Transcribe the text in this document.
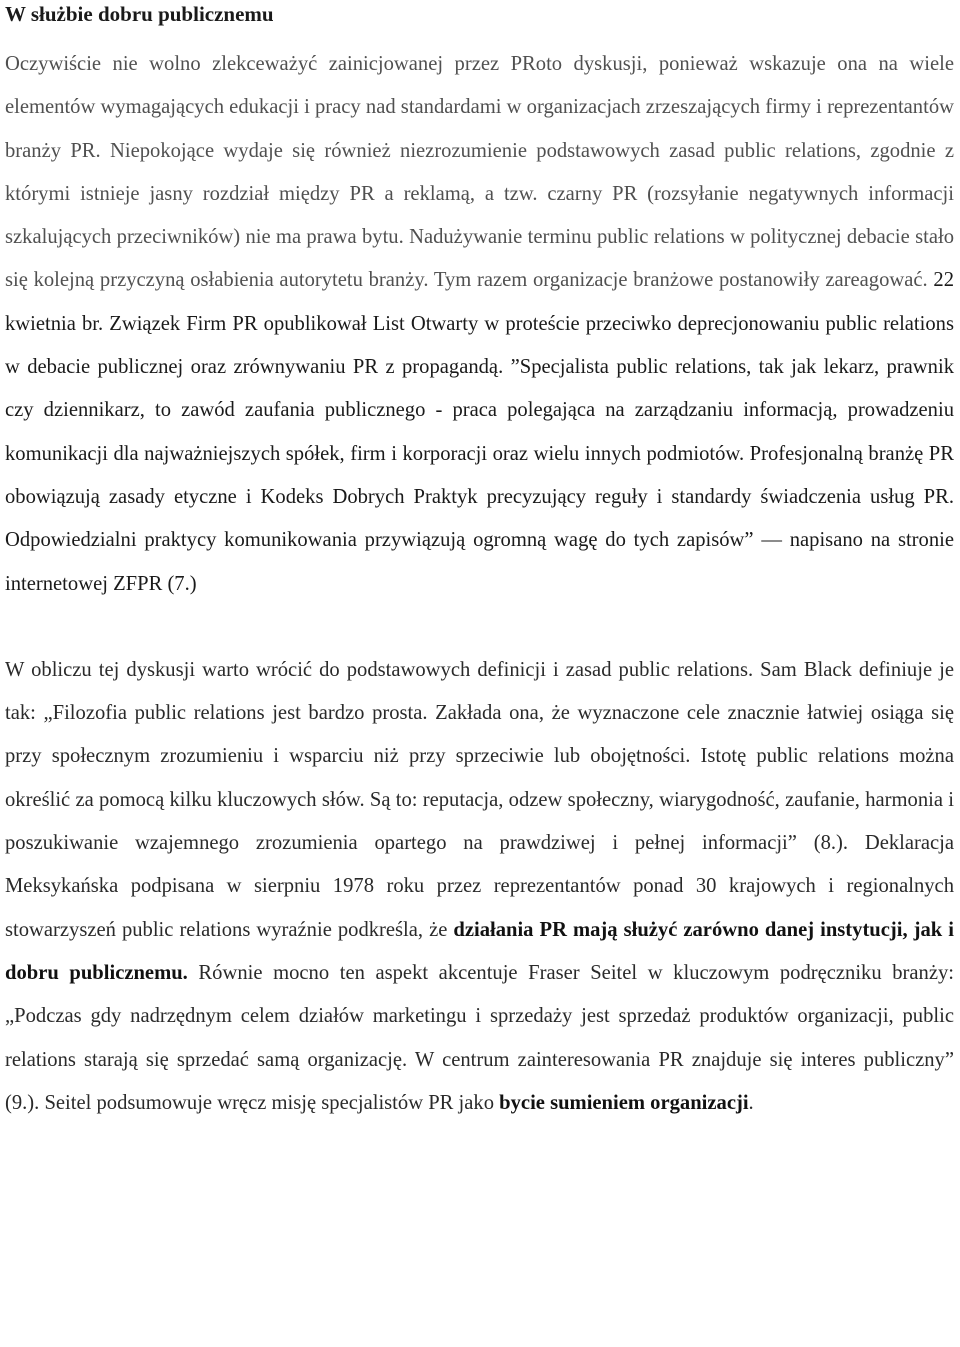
W służbie dobru publicznemu

Oczywiście nie wolno zlekceważyć zainicjowanej przez PRoto dyskusji, ponieważ wskazuje ona na wiele elementów wymagających edukacji i pracy nad standardami w organizacjach zrzeszających firmy i reprezentantów branży PR. Niepokojące wydaje się również niezrozumienie podstawowych zasad public relations, zgodnie z którymi istnieje jasny rozdział między PR a reklamą, a tzw. czarny PR (rozsyłanie negatywnych informacji szkalujących przeciwników) nie ma prawa bytu. Nadużywanie terminu public relations w politycznej debacie stało się kolejną przyczyną osłabienia autorytetu branży. Tym razem organizacje branżowe postanowiły zareagować. 22 kwietnia br. Związek Firm PR opublikował List Otwarty w proteście przeciwko deprecjonowaniu public relations w debacie publicznej oraz zrównywaniu PR z propagandą. ”Specjalista public relations, tak jak lekarz, prawnik czy dziennikarz, to zawód zaufania publicznego - praca polegająca na zarządzaniu informacją, prowadzeniu komunikacji dla najważniejszych spółek, firm i korporacji oraz wielu innych podmiotów. Profesjonalną branżę PR obowiązują zasady etyczne i Kodeks Dobrych Praktyk precyzujący reguły i standardy świadczenia usług PR. Odpowiedzialni praktycy komunikowania przywiązują ogromną wagę do tych zapisów” — napisano na stronie internetowej ZFPR (7.)

W obliczu tej dyskusji warto wrócić do podstawowych definicji i zasad public relations. Sam Black definiuje je tak: „Filozofia public relations jest bardzo prosta. Zakłada ona, że wyznaczone cele znacznie łatwiej osiąga się przy społecznym zrozumieniu i wsparciu niż przy sprzeciwie lub obojętności. Istotę public relations można określić za pomocą kilku kluczowych słów. Są to: reputacja, odzew społeczny, wiarygodność, zaufanie, harmonia i poszukiwanie wzajemnego zrozumienia opartego na prawdziwej i pełnej informacji” (8.). Deklaracja Meksykańska podpisana w sierpniu 1978 roku przez reprezentantów ponad 30 krajowych i regionalnych stowarzyszeń public relations wyraźnie podkreśla, że działania PR mają służyć zarówno danej instytucji, jak i dobru publicznemu. Równie mocno ten aspekt akcentuje Fraser Seitel w kluczowym podręczniku branży: „Podczas gdy nadrzędnym celem działów marketingu i sprzedaży jest sprzedaż produktów organizacji, public relations starają się sprzedać samą organizację. W centrum zainteresowania PR znajduje się interes publiczny” (9.). Seitel podsumowuje wręcz misję specjalistów PR jako bycie sumieniem organizacji.
